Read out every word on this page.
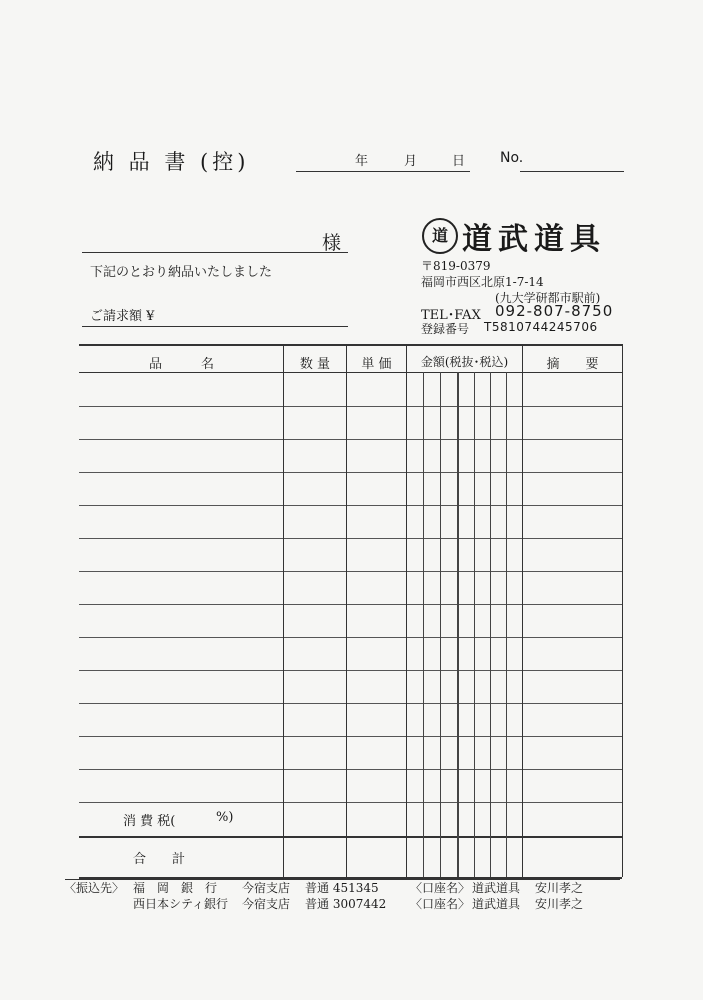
納 品 書 (控)	年	月	日 No.
様
下記のとおり納品いたしました
ご請求額 ¥
道 道武道具
〒819-0379
福岡市西区北原1-7-14
(九大学研都市駅前)
TEL･FAX 092-807-8750
登録番号 T5810744245706
品　　　名	数 量	単 価	金額(税抜･税込)	摘　　要
消 費 税(	%)
合　　計
〈振込先〉 福　岡　銀　行 今宿支店 普通 451345	〈口座名〉 道武道具 安川孝之
西日本シティ銀行 今宿支店 普通 3007442 〈口座名〉 道武道具 安川孝之
